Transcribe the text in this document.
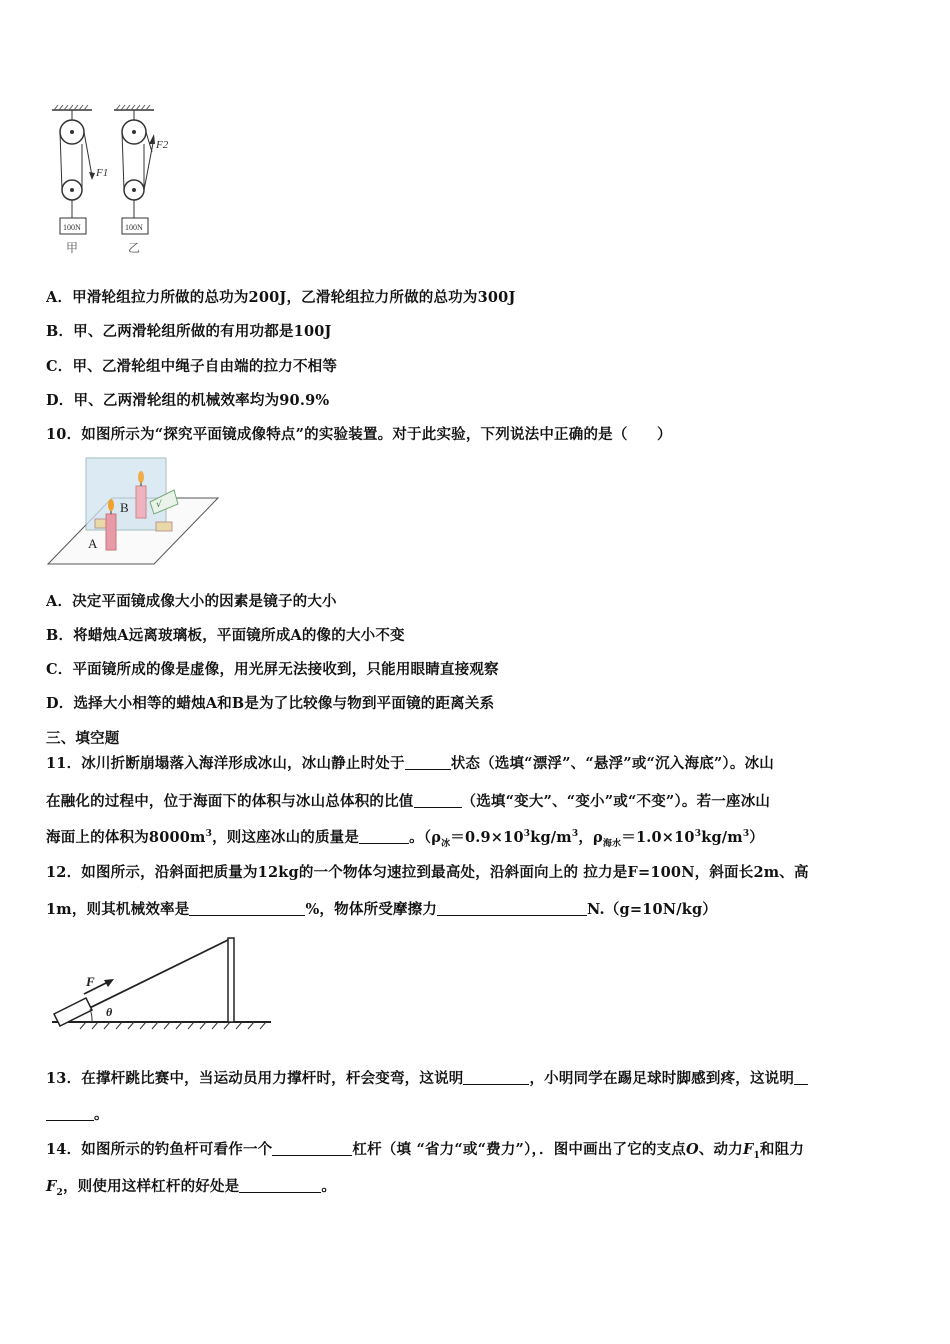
F1
F2
100N	100N
甲	乙
A．甲滑轮组拉力所做的总功为200J，乙滑轮组拉力所做的总功为300J
B．甲、乙两滑轮组所做的有用功都是100J
C．甲、乙滑轮组中绳子自由端的拉力不相等
D．甲、乙两滑轮组的机械效率均为90.9%
10．如图所示为“探究平面镜成像特点”的实验装置。对于此实验，下列说法中正确的是（　　）
√
A
B
A．决定平面镜成像大小的因素是镜子的大小
B．将蜡烛A远离玻璃板，平面镜所成A的像的大小不变
C．平面镜所成的像是虚像，用光屏无法接收到，只能用眼睛直接观察
D．选择大小相等的蜡烛A和B是为了比较像与物到平面镜的距离关系
三、填空题
11．冰川折断崩塌落入海洋形成冰山，冰山静止时处于	状态（选填“漂浮”、“悬浮”或“沉入海底”）。冰山
在融化的过程中，位于海面下的体积与冰山总体积的比值	（选填“变大”、“变小”或“不变”）。若一座冰山
海面上的体积为$8000m^3$，则这座冰山的质量是	。（$\rho_冰=0.9\times 10^3kg/m^3$，$\rho_{海水}=1.0\times 10^3kg/m^3$）
12．如图所示，沿斜面把质量为12kg的一个物体匀速拉到最高处，沿斜面向上的 拉力是F=100N，斜面长2m、高
1m，则其机械效率是	%，物体所受摩擦力	N.（g=10N/kg）
F
θ
13．在撑杆跳比赛中，当运动员用力撑杆时，杆会变弯，这说明	，小明同学在踢足球时脚感到疼，这说明
。
14．如图所示的钓鱼杆可看作一个	杠杆（填 “省力“或“费力”），．图中画出了它的支点O、动力$F_1$和阻力
$F_2$，则使用这样杠杆的好处是	。
